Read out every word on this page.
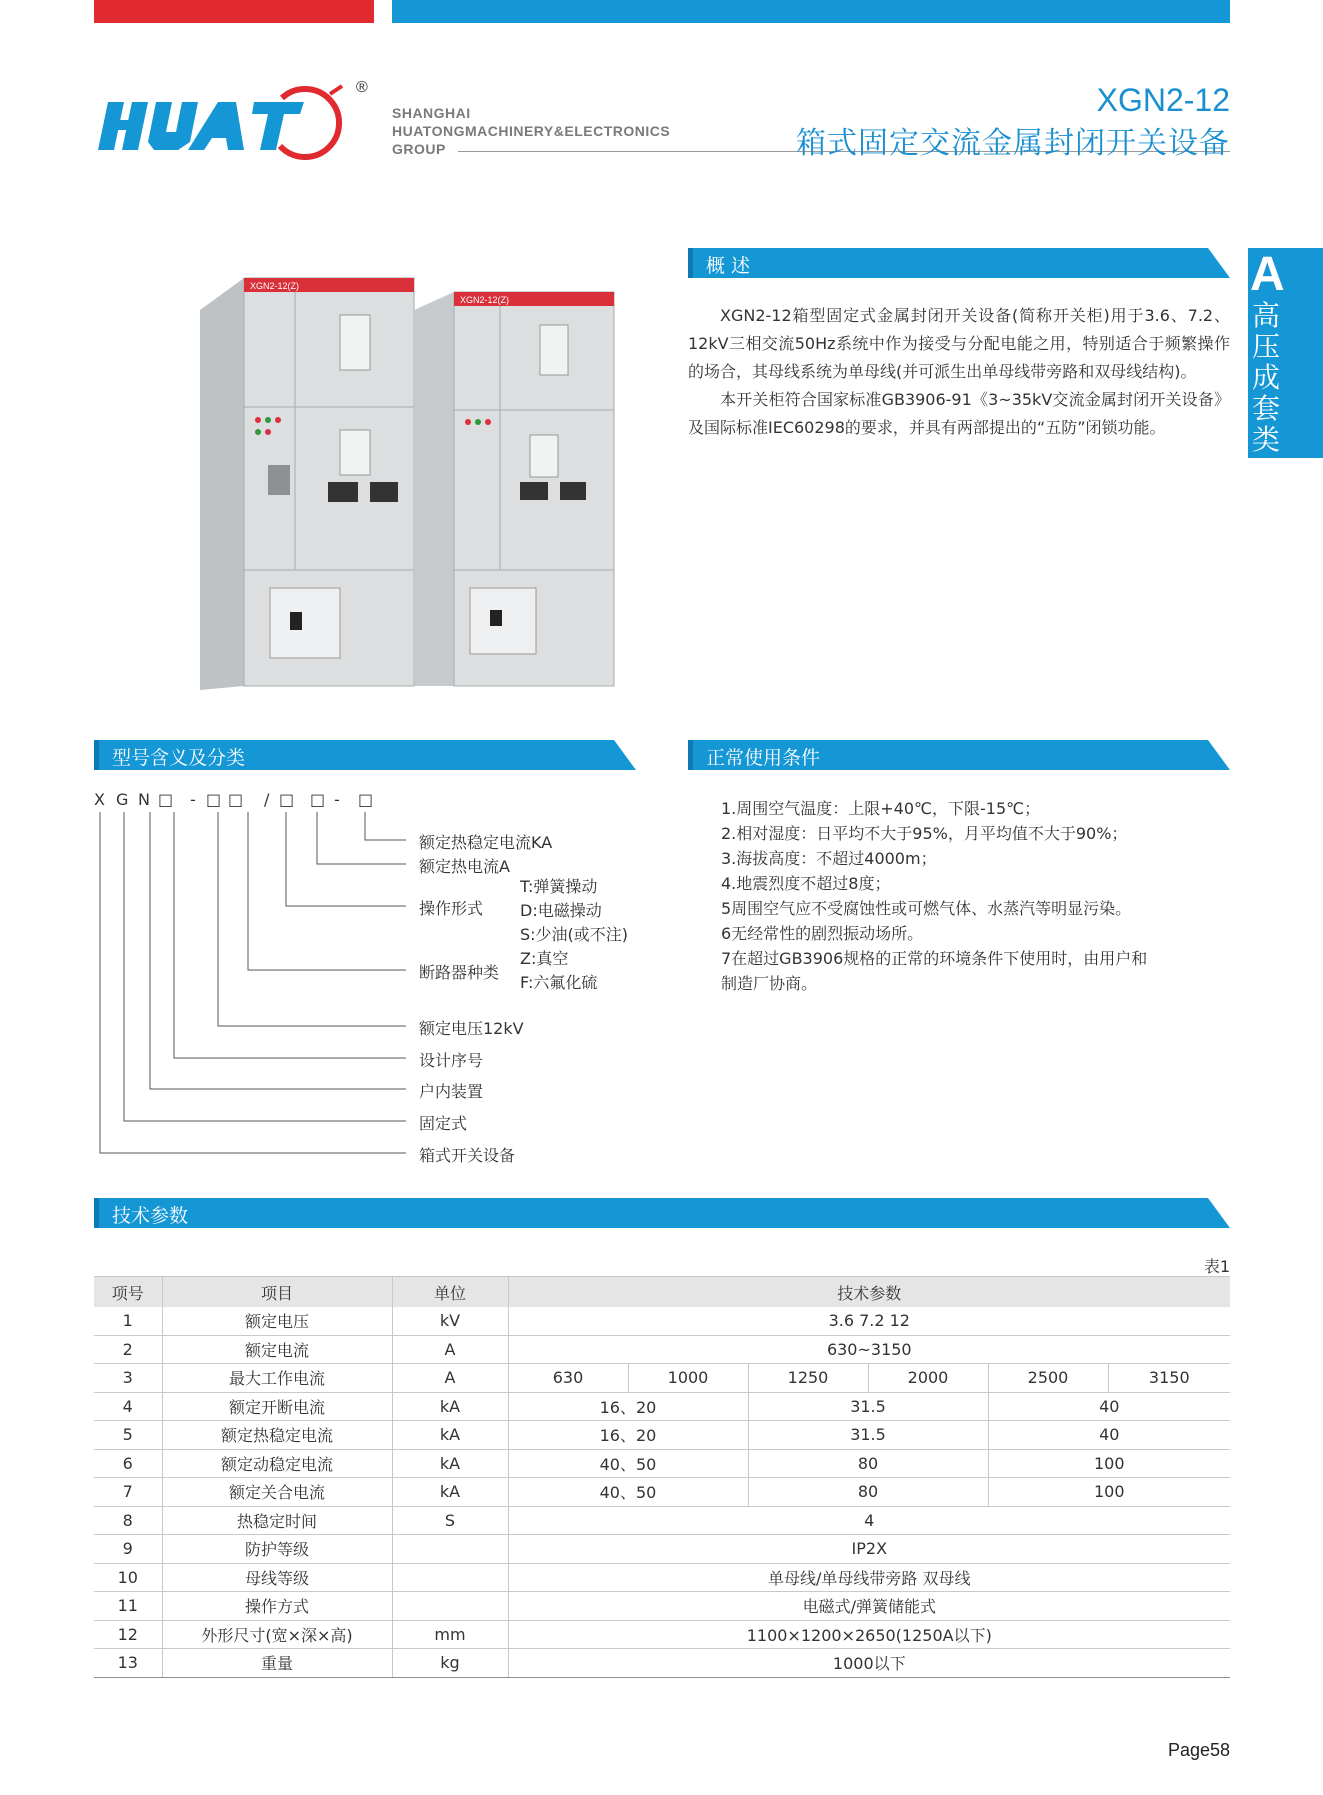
®
SHANGHAI
HUATONGMACHINERY&ELECTRONICS
GROUP
XGN2-12
箱式固定交流金属封闭开关设备
A
高压成套类
XGN2-12(Z)
XGN2-12(Z)
概 述

XGN2-12箱型固定式金属封闭开关设备(简称开关柜)用于3.6、7.2、12kV三相交流50Hz系统中作为接受与分配电能之用，特别适合于频繁操作的场合，其母线系统为单母线(并可派生出单母线带旁路和双母线结构)。

本开关柜符合国家标准GB3906-91《3~35kV交流金属封闭开关设备》及国际标准IEC60298的要求，并具有两部提出的“五防”闭锁功能。

型号含义及分类
X G N □ - □ □ / □ □ - □
额定热稳定电流KA
额定热电流A
操作形式
T:弹簧操动
D:电磁操动
S:少油(或不注)
断路器种类
Z:真空
F:六氟化硫
额定电压12kV
设计序号
户内装置
固定式
箱式开关设备
正常使用条件
1.周围空气温度：上限+40℃，下限-15℃；
2.相对湿度：日平均不大于95%，月平均值不大于90%；
3.海拔高度：不超过4000m；
4.地震烈度不超过8度；
5周围空气应不受腐蚀性或可燃气体、水蒸汽等明显污染。
6无经常性的剧烈振动场所。
7在超过GB3906规格的正常的环境条件下使用时，由用户和
制造厂协商。
技术参数
表1
项号	项目	单位	技术参数					
1	额定电压	kV	3.6 7.2 12					
2	额定电流	A	630~3150					
3	最大工作电流	A	630	1000	1250	2000	2500	3150
4	额定开断电流	kA	16、20		31.5		40	
5	额定热稳定电流	kA	16、20		31.5		40	
6	额定动稳定电流	kA	40、50		80		100	
7	额定关合电流	kA	40、50		80		100	
8	热稳定时间	S	4					
9	防护等级		IP2X					
10	母线等级		单母线/单母线带旁路 双母线					
11	操作方式		电磁式/弹簧储能式					
12	外形尺寸(宽×深×高)	mm	1100×1200×2650(1250A以下)					
13	重量	kg	1000以下					
Page58
